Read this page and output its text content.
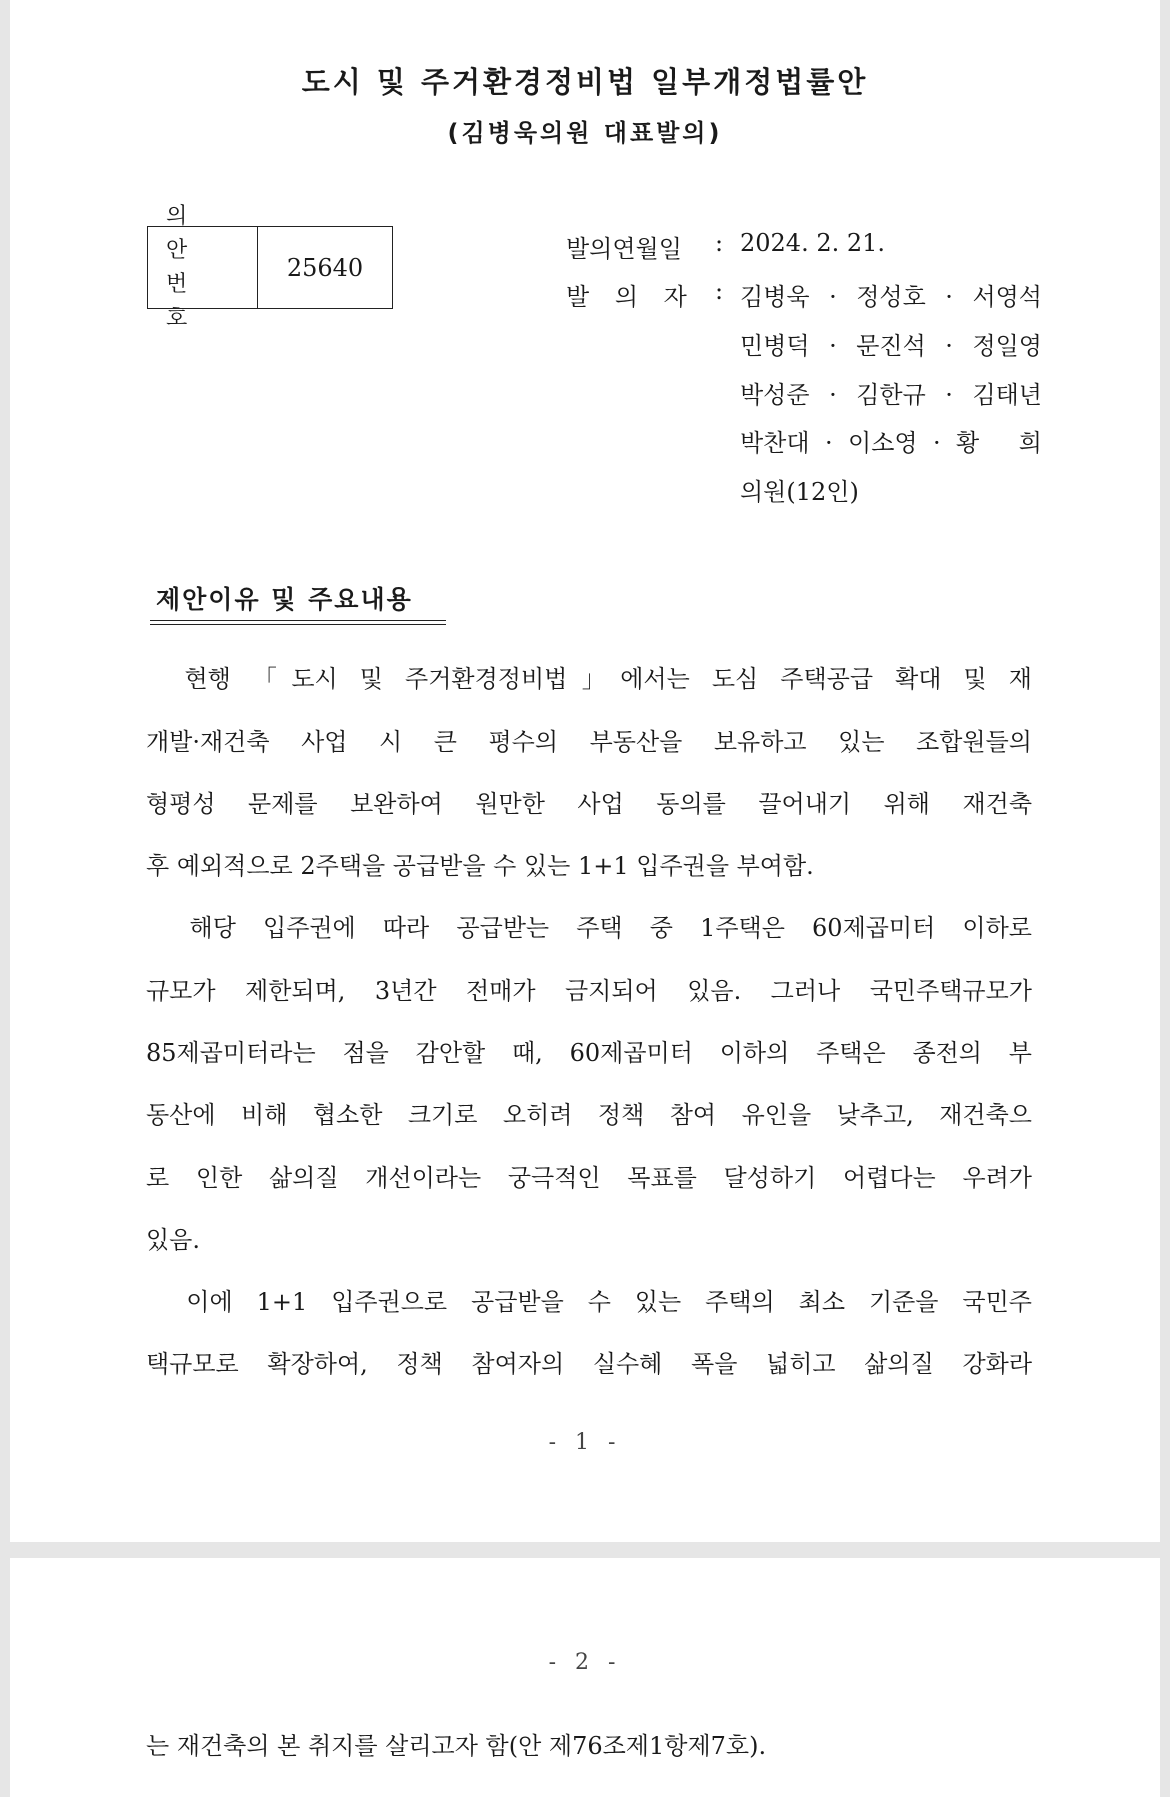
도시 및 주거환경정비법 일부개정법률안
(김병욱의원 대표발의)
의 안
번 호
25640
발의연월일 : 2024. 2. 21.
발 의 자 : 김병욱 · 정성호 · 서영석
민병덕 · 문진석 · 정일영
박성준 · 김한규 · 김태년
박찬대 · 이소영 · 황　희
의원(12인)
제안이유 및 주요내용
　현행 「도시 및 주거환경정비법」에서는 도심 주택공급 확대 및 재
개발·재건축 사업 시 큰 평수의 부동산을 보유하고 있는 조합원들의
형평성 문제를 보완하여 원만한 사업 동의를 끌어내기 위해 재건축
후 예외적으로 2주택을 공급받을 수 있는 1+1 입주권을 부여함.
　해당 입주권에 따라 공급받는 주택 중 1주택은 60제곱미터 이하로
규모가 제한되며, 3년간 전매가 금지되어 있음. 그러나 국민주택규모가
85제곱미터라는 점을 감안할 때, 60제곱미터 이하의 주택은 종전의 부
동산에 비해 협소한 크기로 오히려 정책 참여 유인을 낮추고, 재건축으
로 인한 삶의질 개선이라는 궁극적인 목표를 달성하기 어렵다는 우려가
있음.
　이에 1+1 입주권으로 공급받을 수 있는 주택의 최소 기준을 국민주
택규모로 확장하여, 정책 참여자의 실수혜 폭을 넓히고 삶의질 강화라
- 1 -
- 2 -
는 재건축의 본 취지를 살리고자 함(안 제76조제1항제7호).
